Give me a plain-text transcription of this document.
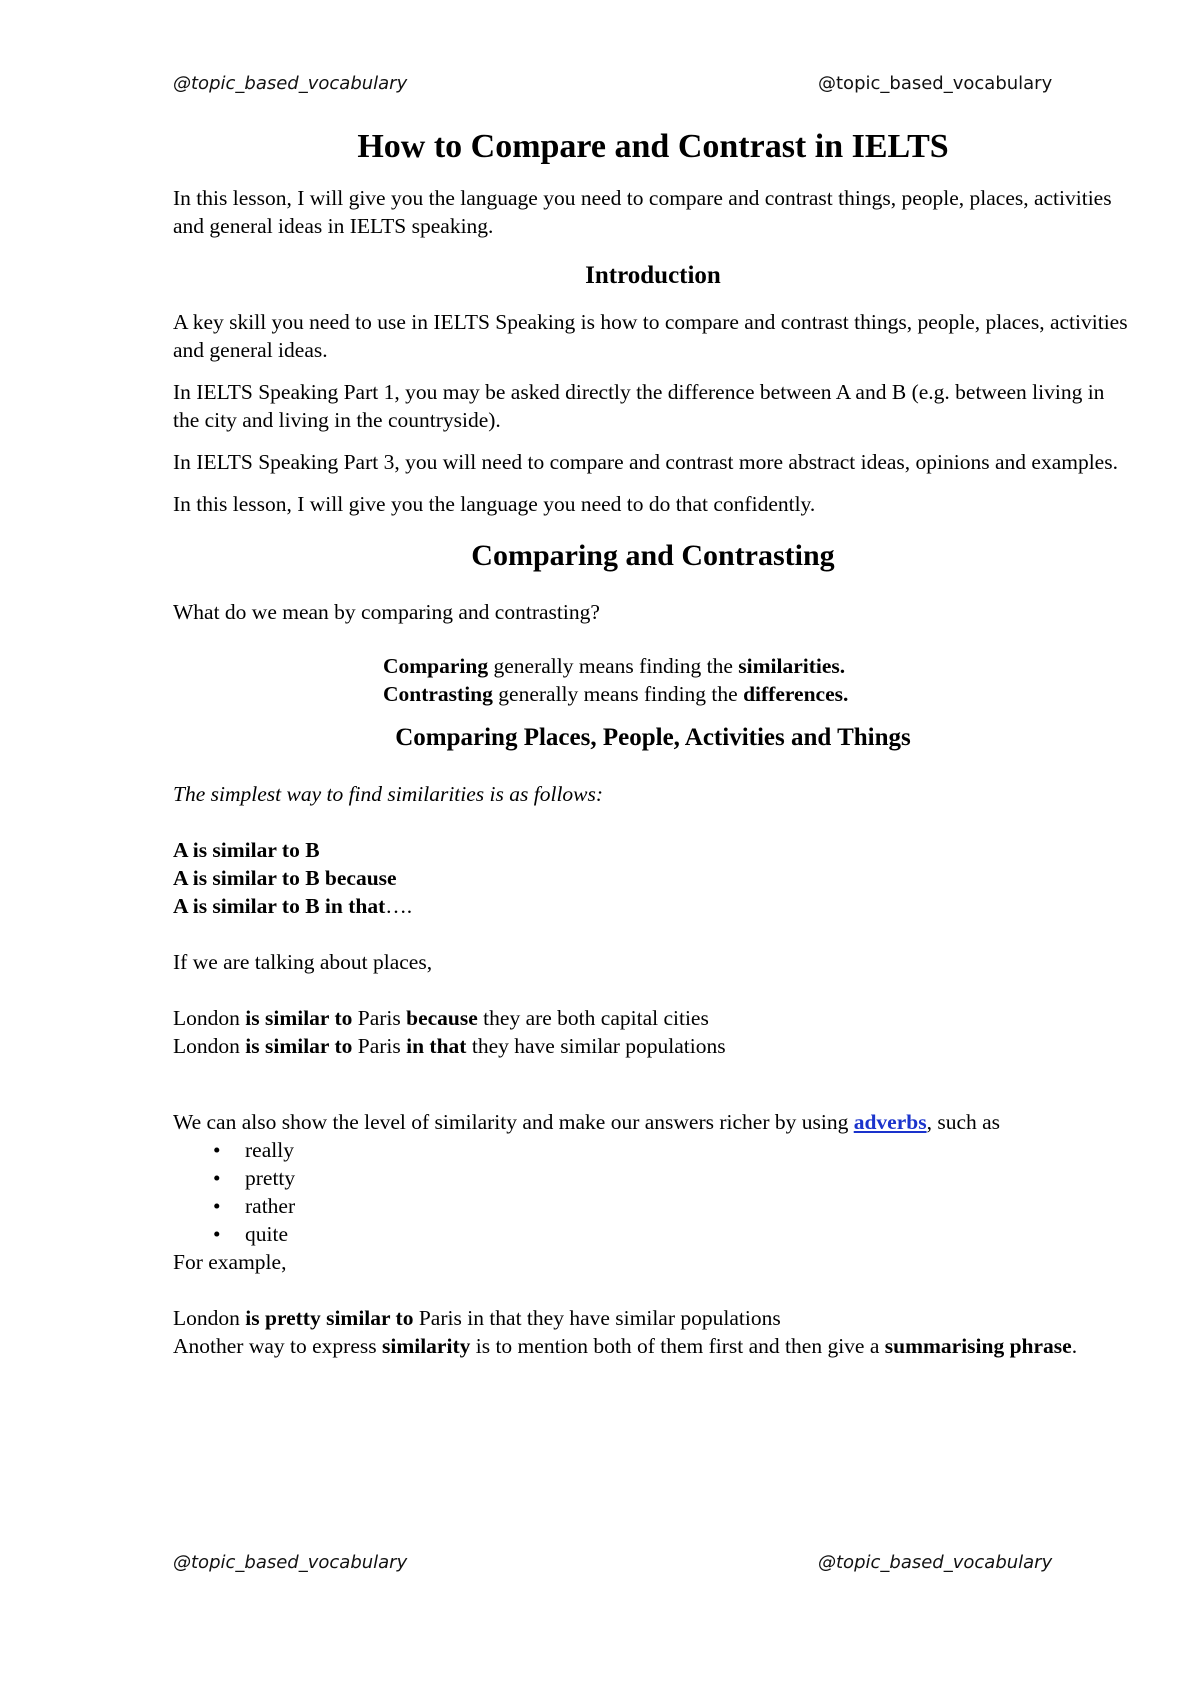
@topic_based_vocabulary	@topic_based_vocabulary
How to Compare and Contrast in IELTS

In this lesson, I will give you the language you need to compare and contrast things, people, places, activities and general ideas in IELTS speaking.

Introduction

A key skill you need to use in IELTS Speaking is how to compare and contrast things, people, places, activities and general ideas.

In IELTS Speaking Part 1, you may be asked directly the difference between A and B (e.g. between living in the city and living in the countryside).

In IELTS Speaking Part 3, you will need to compare and contrast more abstract ideas, opinions and examples.

In this lesson, I will give you the language you need to do that confidently.

Comparing and Contrasting

What do we mean by comparing and contrasting?

Comparing generally means finding the similarities.

Contrasting generally means finding the differences.

Comparing Places, People, Activities and Things

The simplest way to find similarities is as follows:

A is similar to B

A is similar to B because

A is similar to B in that….

If we are talking about places,

London is similar to Paris because they are both capital cities

London is similar to Paris in that they have similar populations

We can also show the level of similarity and make our answers richer by using adverbs, such as

• really
• pretty
• rather
• quite

For example,

London is pretty similar to Paris in that they have similar populations

Another way to express similarity is to mention both of them first and then give a summarising phrase.

@topic_based_vocabulary	@topic_based_vocabulary
